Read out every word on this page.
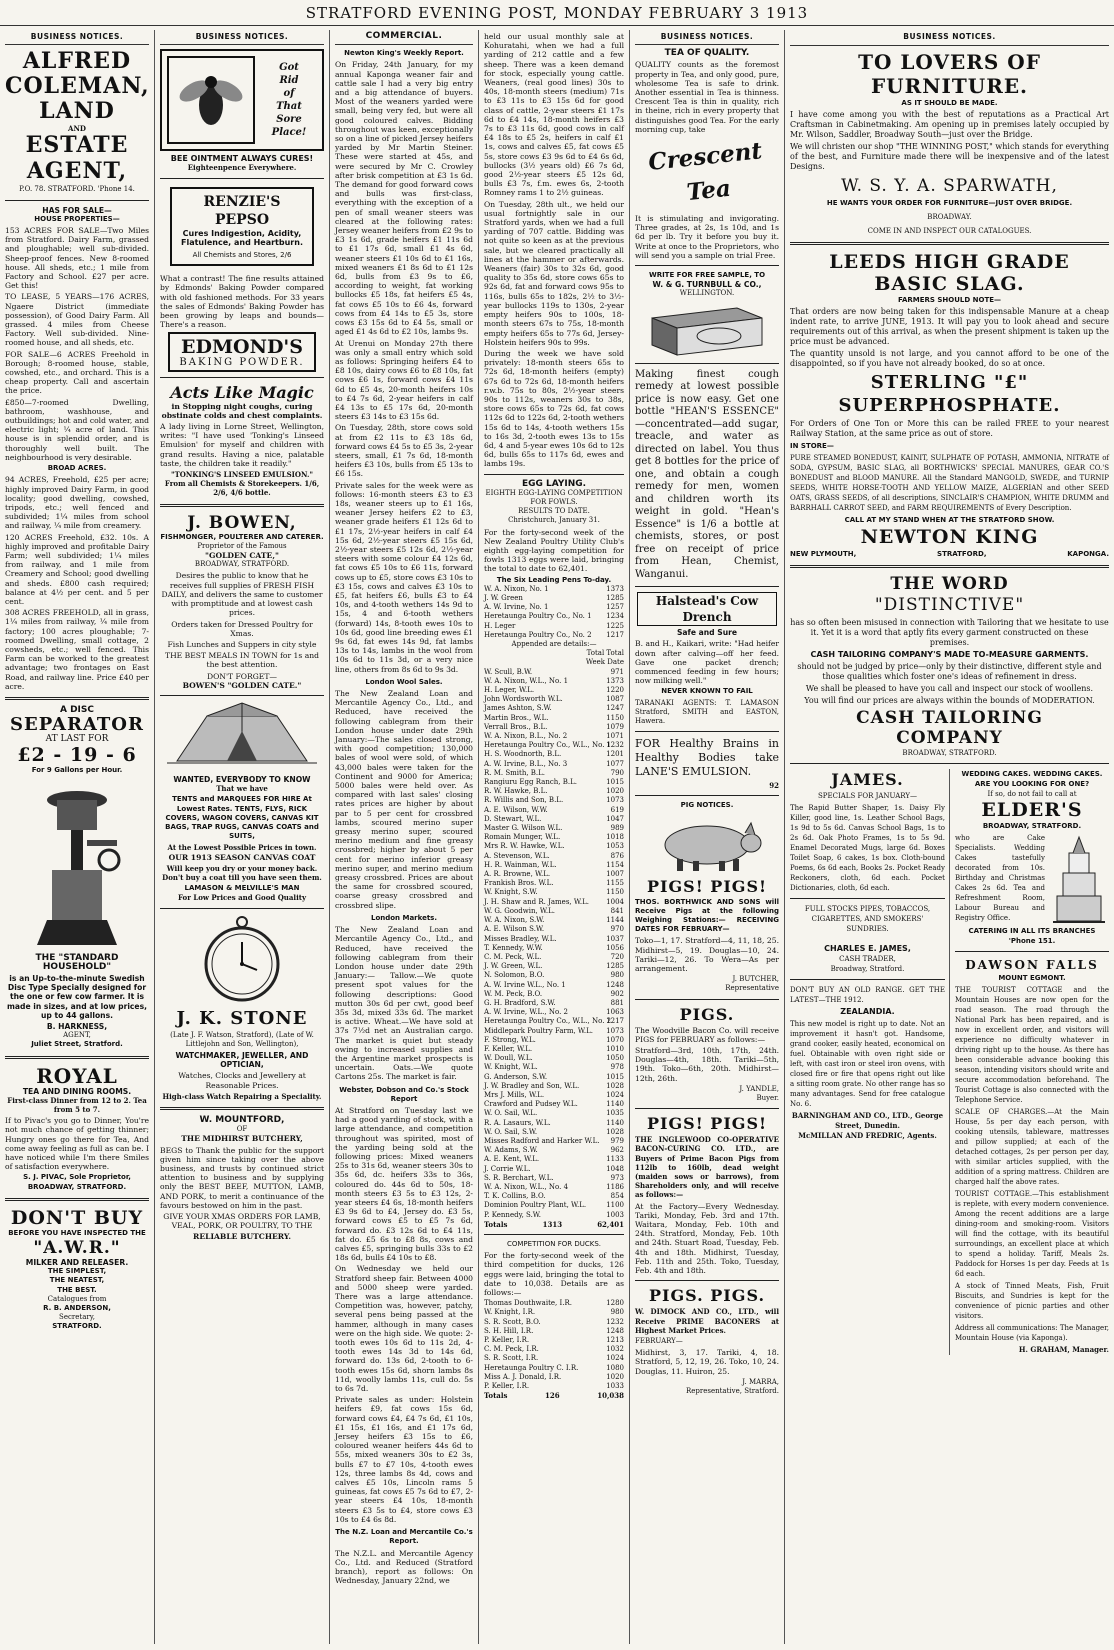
STRATFORD EVENING POST, MONDAY FEBRUARY 3 1913
BUSINESS NOTICES.
ALFRED
COLEMAN,
LAND
AND
ESTATE
AGENT,
P.O. 78. STRATFORD. 'Phone 14.
HAS FOR SALE—
HOUSE PROPERTIES—

153 ACRES FOR SALE—Two Miles from Stratford. Dairy Farm, grassed and ploughable; well sub-divided. Sheep-proof fences. New 8-roomed house. All sheds, etc.; 1 mile from Factory and School. £27 per acre. Get this!

TO LEASE, 5 YEARS—176 ACRES, Ngaere District (immediate possession), of Good Dairy Farm. All grassed. 4 miles from Cheese Factory. Well sub-divided. Nine-roomed house, and all sheds, etc.

FOR SALE—6 ACRES Freehold in Borough; 8-roomed house, stable, cowshed, etc., and orchard. This is a cheap property. Call and ascertain the price.

£850—7-roomed Dwelling, bathroom, washhouse, and outbuildings; hot and cold water, and electric light; ¼ acre of land. This house is in splendid order, and is thoroughly well built. The neighbourhood is very desirable.

BROAD ACRES.

94 ACRES, Freehold, £25 per acre; highly improved Dairy Farm, in good locality; good dwelling, cowshed, tripods, etc.; well fenced and subdivided; 1¼ miles from school and railway, ¼ mile from creamery.

120 ACRES Freehold, £32. 10s. A highly improved and profitable Dairy Farm; well subdivided; 1¼ miles from railway, and 1 mile from Creamery and School; good dwelling and sheds. £800 cash required; balance at 4½ per cent. and 5 per cent.

308 ACRES FREEHOLD, all in grass, 1¼ miles from railway, ¼ mile from factory; 100 acres ploughable; 7-roomed Dwelling, small cottage, 2 cowsheds, etc.; well fenced. This Farm can be worked to the greatest advantage; two frontages on East Road, and railway line. Price £40 per acre.

A DISC
SEPARATOR
AT LAST FOR
£2 - 19 - 6
For 9 Gallons per Hour.
THE "STANDARD HOUSEHOLD"

is an Up-to-the-minute Swedish Disc Type Specially designed for the one or few cow farmer. It is made in sizes, and at low prices, up to 44 gallons.

B. HARKNESS,
AGENT,
Juliet Street, Stratford.
ROYAL
TEA AND DINING ROOMS.
First-class Dinner from 12 to 2. Tea from 5 to 7.

If to Pivac's you go to Dinner, You're not much chance of getting thinner; Hungry ones go there for Tea, And come away feeling as full as can be. I have noticed while I'm there Smiles of satisfaction everywhere.

S. J. PIVAC, Sole Proprietor,
BROADWAY, STRATFORD.
DON'T BUY
BEFORE YOU HAVE INSPECTED THE
"A.W.R."
MILKER AND RELEASER.
THE SIMPLEST,
THE NEATEST,
THE BEST.
Catalogues from
R. B. ANDERSON,
Secretary,
STRATFORD.
BUSINESS NOTICES.
Got
Rid
of
That
Sore
Place!
BEE OINTMENT ALWAYS CURES!
Eighteenpence Everywhere.
RENZIE'S PEPSO
Cures Indigestion, Acidity, Flatulence, and Heartburn.
All Chemists and Stores, 2/6

What a contrast! The fine results attained by Edmonds' Baking Powder compared with old fashioned methods. For 33 years the sales of Edmonds' Baking Powder has been growing by leaps and bounds—There's a reason.

EDMOND'S
BAKING POWDER.
Acts Like Magic
in Stopping night coughs, curing obstinate colds and chest complaints.

A lady living in Lorne Street, Wellington, writes: "I have used 'Tonking's Linseed Emulsion' for myself and children with grand results. Having a nice, palatable taste, the children take it readily."

"TONKING'S LINSEED EMULSION."
From all Chemists & Storekeepers. 1/6, 2/6, 4/6 bottle.
J. BOWEN,
FISHMONGER, POULTERER AND CATERER.
Proprietor of the Famous
"GOLDEN CATE,"
BROADWAY, STRATFORD.

Desires the public to know that he receives full supplies of FRESH FISH DAILY, and delivers the same to customer with promptitude and at lowest cash prices.

Orders taken for Dressed Poultry for Xmas.

Fish Lunches and Suppers in city style

THE BEST MEALS IN TOWN for 1s and the best attention.

DON'T FORGET—
BOWEN'S "GOLDEN CATE."
WANTED, EVERYBODY TO KNOW
That we have

TENTS and MARQUEES FOR HIRE At Lowest Rates. TENTS, FLYS, RICK COVERS, WAGON COVERS, CANVAS KIT BAGS, TRAP RUGS, CANVAS COATS and SUITS,

At the Lowest Possible Prices in town.
OUR 1913 SEASON CANVAS COAT

Will keep you dry or your money back. Don't buy a coat till you have seen them.

LAMASON & MELVILLE'S MAN
For Low Prices and Good Quality
J. K. STONE

(Late J. F. Watson, Stratford), (Late of W. Littlejohn and Son, Wellington),

WATCHMAKER, JEWELLER, AND OPTICIAN,

Watches, Clocks and Jewellery at Reasonable Prices.

High-class Watch Repairing a Speciality.
W. MOUNTFORD,
OF
THE MIDHIRST BUTCHERY,

BEGS to Thank the public for the support given him since taking over the above business, and trusts by continued strict attention to business and by supplying only the BEST BEEF, MUTTON, LAMB, AND PORK, to merit a continuance of the favours bestowed on him in the past.

GIVE YOUR XMAS ORDERS FOR LAMB, VEAL, PORK, OR POULTRY, TO THE

RELIABLE BUTCHERY.
COMMERCIAL.
Newton King's Weekly Report.

On Friday, 24th January, for my annual Kaponga weaner fair and cattle sale I had a very big entry and a big attendance of buyers. Most of the weaners yarded were small, being very fed, but were all good coloured calves. Bidding throughout was keen, exceptionally so on a line of picked Jersey heifers yarded by Mr Martin Steiner. These were started at 45s, and were secured by Mr C. Crowley after brisk competition at £3 1s 6d. The demand for good forward cows and bulls was first-class, everything with the exception of a pen of small weaner steers was cleared at the following rates: Jersey weaner heifers from £2 9s to £3 1s 6d, grade heifers £1 11s 6d to £1 17s 6d, small £1 4s 6d, weaner steers £1 10s 6d to £1 16s, mixed weaners £1 8s 6d to £1 12s 6d, bulls from £3 9s to £6, according to weight, fat working bullocks £5 18s, fat heifers £5 4s, fat cows £5 10s to £6 4s, forward cows from £4 14s to £5 3s, store cows £3 15s 6d to £4 5s, small or aged £1 4s 6d to £2 10s, lambs 9s.

At Urenui on Monday 27th there was only a small entry which sold as follows: Springing heifers £4 to £8 10s, dairy cows £6 to £8 10s, fat cows £6 1s, forward cows £4 11s 6d to £5 4s, 20-month heifers 10s to £4 7s 6d, 2-year heifers in calf £4 13s to £5 17s 6d, 20-month steers £3 14s to £3 15s 6d.

On Tuesday, 28th, store cows sold at from £2 11s to £3 18s 6d, forward cows £4 5s to £5 3s, 2-year steers, small, £1 7s 6d, 18-month heifers £3 10s, bulls from £5 13s to £6 15s.

Private sales for the week were as follows: 16-month steers £3 to £3 18s, weaner steers up to £1 16s, weaner Jersey heifers £2 to £3, weaner grade heifers £1 12s 6d to £1 17s, 2½-year heifers in calf £4 15s 6d, 2½-year steers £5 15s 6d, 2½-year steers £5 12s 6d, 2½-year steers with some colour £4 12s 6d, fat cows £5 10s to £6 11s, forward cows up to £5, store cows £3 10s to £3 15s, cows and calves £3 10s to £5, fat heifers £6, bulls £3 to £4 10s, and 4-tooth wethers 14s 9d to 15s, 4 and 6-tooth wethers (forward) 14s, 8-tooth ewes 10s to 10s 6d, good line breeding ewes £1 9s 6d, fat ewes 14s 9d, fat lambs 13s to 14s, lambs in the wool from 10s 6d to 11s 3d, or a very nice line, others from 8s 6d to 9s 3d.

London Wool Sales.

The New Zealand Loan and Mercantile Agency Co., Ltd., and Reduced, have received the following cablegram from their London house under date 29th January:—The sales closed strong, with good competition; 130,000 bales of wool were sold, of which 43,000 bales were taken for the Continent and 9000 for America; 5000 bales were held over. As compared with last sales' closing rates prices are higher by about par to 5 per cent for crossbred lambs, scoured merino super greasy merino super, scoured merino medium and fine greasy crossbred; higher by about 5 per cent for merino inferior greasy merino super, and merino medium greasy crossbred. Prices are about the same for crossbred scoured, coarse greasy crossbred and crossbred slipe.

London Markets.

The New Zealand Loan and Mercantile Agency Co., Ltd., and Reduced, have received the following cablegram from their London house under date 29th January:— Tallow.—We quote present spot values for the following descriptions: Good mutton 30s 6d per cwt, good beef 35s 3d, mixed 33s 6d. The market is active. Wheat.—We have sold at 37s 7½d net an Australian cargo. The market is quiet but steady owing to increased supplies and the Argentine market prospects is uncertain. Oats.—We quote Cartons 25s. The market is fair.

Webster, Dobson and Co.'s Stock Report

At Stratford on Tuesday last we had a good yarding of stock, with a large attendance, and competition throughout was spirited, most of the yarding being sold at the following prices: Mixed weaners 25s to 31s 6d, weaner steers 30s to 35s 6d, dc. heifers 33s to 36s, coloured do. 44s 6d to 50s, 18-month steers £3 5s to £3 12s, 2-year steers £4 6s, 18-month heifers £3 9s 6d to £4, Jersey do. £3 5s, forward cows £5 to £5 7s 6d, forward do. £3 12s 6d to £4 11s, fat do. £5 6s to £8 8s, cows and calves £5, springing bulls 33s to £2 18s 6d, bulls £4 10s to £8.

On Wednesday we held our Stratford sheep fair. Between 4000 and 5000 sheep were yarded. There was a large attendance. Competition was, however, patchy, several pens being passed at the hammer, although in many cases were on the high side. We quote: 2-tooth ewes 10s 6d to 11s 2d, 4-tooth ewes 14s 3d to 14s 6d, forward do. 13s 6d, 2-tooth to 6-tooth ewes 15s 6d, shorn lambs 8s 11d, woolly lambs 11s, cull do. 5s to 6s 7d.

Private sales as under: Holstein heifers £9, fat cows 15s 6d, forward cows £4, £4 7s 6d, £1 10s, £1 15s, £1 16s, and £1 17s 6d, Jersey heifers £3 15s to £6, coloured weaner heifers 44s 6d to 55s, mixed weaners 30s to £2 3s, bulls £7 to £7 10s, 4-tooth ewes 12s, three lambs 8s 4d, cows and calves £5 10s, Lincoln rams 5 guineas, fat cows £5 7s 6d to £7, 2-year steers £4 10s, 18-month steers £3 5s to £4, store cows £3 10s to £4 6s 8d.

The N.Z. Loan and Mercantile Co.'s Report.

The N.Z.L. and Mercantile Agency Co., Ltd. and Reduced (Stratford branch), report as follows: On Wednesday, January 22nd, we

held our usual monthly sale at Kohuratahi, when we had a full yarding of 212 cattle and a few sheep. There was a keen demand for stock, especially young cattle. Weaners, (real good lines) 30s to 40s, 18-month steers (medium) 71s to £3 11s to £3 15s 6d for good class of cattle, 2-year steers £1 17s 6d to £4 14s, 18-month heifers £3 7s to £3 11s 6d, good cows in calf £4 18s to £5 2s, heifers in calf £1 1s, cows and calves £5, fat cows £5 5s, store cows £3 9s 6d to £4 6s 6d, bullocks (3½ years old) £6 7s 6d, good 2½-year steers £5 12s 6d, bulls £3 7s, f.m. ewes 6s, 2-tooth Romney rams 1 to 2½ guineas.

On Tuesday, 28th ult., we held our usual fortnightly sale in our Stratford yards, when we had a full yarding of 707 cattle. Bidding was not quite so keen as at the previous sale, but we cleared practically all lines at the hammer or afterwards. Weaners (fair) 30s to 32s 6d, good quality to 35s 6d, store cows 65s to 92s 6d, fat and forward cows 95s to 116s, bulls 65s to 182s, 2½ to 3½-year bullocks 119s to 130s, 2-year empty heifers 90s to 100s, 18-month steers 67s to 75s, 18-month empty heifers 65s to 77s 6d, Jersey-Holstein heifers 90s to 99s.

During the week we have sold privately: 18-month steers 65s to 72s 6d, 18-month heifers (empty) 67s 6d to 72s 6d, 18-month heifers r.w.b. 75s to 80s, 2½-year steers 90s to 112s, weaners 30s to 38s, store cows 65s to 72s 6d, fat cows 112s 6d to 122s 6d, 2-tooth wethers 15s 6d to 14s, 4-tooth wethers 15s to 16s 3d, 2-tooth ewes 13s to 15s 6d, 4 and 5-year ewes 10s 6d to 12s 6d, bulls 65s to 117s 6d, ewes and lambs 19s.

EGG LAYING.
EIGHTH EGG-LAYING COMPETITION FOR FOWLS.
RESULTS TO DATE.
Christchurch, January 31.

For the forty-second week of the New Zealand Poultry Utility Club's eighth egg-laying competition for fowls 1313 eggs were laid, bringing the total to date to 62,401.

The Six Leading Pens To-day.
W. A. Nixon, No. 1	1373
J. W. Green	1285
A. W. Irvine, No. 1	1257
Heretaunga Poultry Co., No. 1 1234
H. Leger	1225
Heretaunga Poultry Co., No. 2 1217
Appended are details:—
Total Total
Week Date
W. Scull, B.W.	971
W. A. Nixon, W.L., No. 1	1373
H. Leger, W.L.	1220
John Wordsworth W.L.	1087
James Ashton, S.W.	1247
Martin Bros., W.L.	1150
Verrall Bros., B.L.	1079
W. A. Nixon, B.L., No. 2	1071
Heretaunga Poultry Co., W.L., No. 1
1232
H. S. Woodnorth, B.L.	1201
A. W. Irvine, B.L., No. 3	1077
R. M. Smith, B.L.	790
Rangiuru Egg Ranch, B.L.	1015
R. W. Hawke, B.L.	1020
R. Willis and Son, B.L.	1073
A. E. Wilson, W.W.	619
D. Stewart, W.L.	1047
Master G. Wilson W.L.	989
Romain Munger, W.L.	1018
Mrs R. W. Hawke, W.L.	1053
A. Stevenson, W.L.	876
H. R. Wainman, W.L.	1154
A. R. Browne, W.L.	1007
Frankish Bros. W.L.	1155
W. Knight, S.W.	1150
J. H. Shaw and R. James, W.L. 1004
W. G. Goodwin, W.L.	841
W. A. Nixon, S.W.	1144
A. E. Wilson S.W.	970
Misses Bradley, W.L.	1037
T. Kennedy, W.W.	1056
C. M. Peck, W.L.	720
J. W. Green, W.L.	1285
N. Solomon, B.O.	980
A. W. Irvine W.L., No. 1	1248
W. M. Peck, B.O.	902
G. H. Bradford, S.W.	881
A. W. Irvine, W.L., No. 2	1063
Heretaunga Poultry Co., W.L., No. 2
1217
Middlepark Poultry Farm, W.L. 1073
F. Strong, W.L.	1070
F. Keller, W.L.	1010
W. Doull, W.L.	1050
W. Knight, W.L.	978
G. Anderson, S.W.	1015
J. W. Bradley and Son, W.L.	1028
Mrs J. Mills, W.L.	1024
Crawford and Pudsey W.L.	1140
W. O. Sail, W.L.	1035
R. A. Lasaurs, W.L.	1140
W. O. Sail, S.W.	1028
Misses Radford and Harker W.L. 979
W. Adams, S.W.	962
A. E. Kent, W.L.	1133
J. Corrie W.L.	1048
S. R. Berchart, W.L.	973
W. A. Nixon, W.L., No. 4	1186
T. K. Collins, B.O.	854
Dominion Poultry Plant, W.L.	1100
P. Kennedy, S.W.	1003
Totals	1313	62,401
COMPETITION FOR DUCKS.

For the forty-second week of the third competition for ducks, 126 eggs were laid, bringing the total to date to 10,038. Details are as follows:—

Thomas Douthwaite, I.R.	1280
W. Knight, I.R.	980
S. R. Scott, B.O.	1232
S. H. Hill, I.R.	1248
P. Keller, I.R.	1213
C. M. Peck, I.R.	1032
S. R. Scott, I.R.	1024
Heretaunga Poultry C. I.R.	1080
Miss A. J. Donald, I.R.	1020
P. Keller, I.R.	1033
Totals	126	10,038
BUSINESS NOTICES.
TEA OF QUALITY.

QUALITY counts as the foremost property in Tea, and only good, pure, wholesome Tea is safe to drink. Another essential in Tea is thinness. Crescent Tea is thin in quality, rich in theine, rich in every property that distinguishes good Tea. For the early morning cup, take

Crescent Tea

It is stimulating and invigorating. Three grades, at 2s, 1s 10d, and 1s 6d per lb. Try it before you buy it. Write at once to the Proprietors, who will send you a sample on trial Free.

WRITE FOR FREE SAMPLE, TO
W. & G. TURNBULL & CO.,
WELLINGTON.

Making finest cough remedy at lowest possible price is now easy. Get one bottle "HEAN'S ESSENCE" —concentrated—add sugar, treacle, and water as directed on label. You thus get 8 bottles for the price of one, and obtain a cough remedy for men, women and children worth its weight in gold. "Hean's Essence" is 1/6 a bottle at chemists, stores, or post free on receipt of price from Hean, Chemist, Wanganui.

Halstead's Cow Drench
Safe and Sure

B. and H., Kaikari, write: "Had heifer down after calving—off her feed. Gave one packet drench; commenced feeding in few hours; now milking well."

NEVER KNOWN TO FAIL

TARANAKI AGENTS: T. LAMASON Stratford, SMITH and EASTON, Hawera.

FOR Healthy Brains in Healthy Bodies take LANE'S EMULSION.

92
PIG NOTICES.
PIGS! PIGS!

THOS. BORTHWICK AND SONS will Receive Pigs at the following Weighing Stations:— RECEIVING DATES FOR FEBRUARY—

Toko—1, 17. Stratford—4, 11, 18, 25. Midhirst—5, 19. Douglas—10, 24. Tariki—12, 26. To Wera—As per arrangement.

J. BUTCHER,
Representative
PIGS.

The Woodville Bacon Co. will receive PIGS for FEBRUARY as follows:—

Stratford—3rd, 10th, 17th, 24th. Douglas—4th, 18th. Tariki—5th, 19th. Toko—6th, 20th. Midhirst—12th, 26th.

J. YANDLE,
Buyer.
PIGS! PIGS!

THE INGLEWOOD CO-OPERATIVE BACON-CURING CO. LTD., are Buyers of Prime Bacon Pigs from 112lb to 160lb, dead weight (maiden sows or barrows), from Shareholders only, and will receive as follows:—

At the Factory—Every Wednesday. Tariki, Monday, Feb. 3rd and 17th. Waitara, Monday, Feb. 10th and 24th. Stratford, Monday, Feb. 10th and 24th. Stuart Road, Tuesday, Feb. 4th and 18th. Midhirst, Tuesday, Feb. 11th and 25th. Toko, Tuesday, Feb. 4th and 18th.

PIGS. PIGS.

W. DIMOCK AND CO., LTD., will Receive PRIME BACONERS at Highest Market Prices.

FEBRUARY—

Midhirst, 3, 17. Tariki, 4, 18. Stratford, 5, 12, 19, 26. Toko, 10, 24. Douglas, 11. Huiron, 25.

J. MARRA,
Representative, Stratford.
BUSINESS NOTICES.
TO LOVERS OF FURNITURE.
AS IT SHOULD BE MADE.

I have come among you with the best of reputations as a Practical Art Craftsman in Cabinetmaking. Am opening up in premises lately occupied by Mr. Wilson, Saddler, Broadway South—just over the Bridge.

We will christen our shop "THE WINNING POST," which stands for everything of the best, and Furniture made there will be inexpensive and of the latest Designs.

W. S. Y. A. SPARWATH,
HE WANTS YOUR ORDER FOR FURNITURE—JUST OVER BRIDGE.
BROADWAY.
COME IN AND INSPECT OUR CATALOGUES.
LEEDS HIGH GRADE BASIC SLAG.
FARMERS SHOULD NOTE—

That orders are now being taken for this indispensable Manure at a cheap indent rate, to arrive JUNE, 1913. It will pay you to look ahead and secure requirements out of this arrival, as when the present shipment is taken up the price must be advanced.

The quantity unsold is not large, and you cannot afford to be one of the disappointed, so if you have not already booked, do so at once.

STERLING "£" SUPERPHOSPHATE.

For Orders of One Ton or More this can be railed FREE to your nearest Railway Station, at the same price as out of store.

IN STORE—

PURE STEAMED BONEDUST, KAINIT, SULPHATE OF POTASH, AMMONIA, NITRATE of SODA, GYPSUM, BASIC SLAG, all BORTHWICKS' SPECIAL MANURES, GEAR CO.'S BONEDUST and BLOOD MANURE. All the Standard MANGOLD, SWEDE, and TURNIP SEEDS, WHITE HORSE-TOOTH AND YELLOW MAIZE, ALGERIAN and other SEED OATS, GRASS SEEDS, of all descriptions, SINCLAIR'S CHAMPION, WHITE DRUMM and BARRHALL CARROT SEED, and FARM REQUIREMENTS of Every Description.

CALL AT MY STAND WHEN AT THE STRATFORD SHOW.
NEWTON KING
NEW PLYMOUTH,	STRATFORD,	KAPONGA.
THE WORD
"DISTINCTIVE"

has so often been misused in connection with Tailoring that we hesitate to use it. Yet it is a word that aptly fits every garment constructed on these premises.

CASH TAILORING COMPANY'S MADE TO-MEASURE GARMENTS.

should not be judged by price—only by their distinctive, different style and those qualities which foster one's ideas of refinement in dress.

We shall be pleased to have you call and inspect our stock of woollens.

You will find our prices are always within the bounds of MODERATION.

CASH TAILORING
COMPANY
BROADWAY, STRATFORD.
JAMES.
SPECIALS FOR JANUARY—

The Rapid Butter Shaper, 1s. Daisy Fly Killer, good line, 1s. Leather School Bags, 1s 9d to 5s 6d. Canvas School Bags, 1s to 2s 6d. Oak Photo Frames, 1s to 5s 9d. Enamel Decorated Mugs, large 6d. Boxes Toilet Soap, 6 cakes, 1s box. Cloth-bound Poems, 6s 6d each, Books 2s. Pocket Ready Reckoners, cloth, 6d each. Pocket Dictionaries, cloth, 6d each.

FULL STOCKS PIPES, TOBACCOS, CIGARETTES, AND SMOKERS' SUNDRIES.

CHARLES E. JAMES,
CASH TRADER,
Broadway, Stratford.

DON'T BUY AN OLD RANGE. GET THE LATEST—THE 1912.

ZEALANDIA.

This new model is right up to date. Not an improvement it hasn't got. Handsome, grand cooker, easily heated, economical on fuel. Obtainable with oven right side or left, with cast iron or steel iron ovens, with closed fire or fire that opens right out like a sitting room grate. No other range has so many advantages. Send for free catalogue No. 6.

BARNINGHAM AND CO., LTD., George Street, Dunedin.
McMILLAN AND FREDRIC, Agents.
WEDDING CAKES. WEDDING CAKES.
ARE YOU LOOKING FOR ONE?
If so, do not fail to call at
ELDER'S
BROADWAY, STRATFORD.

who are Cake Specialists. Wedding Cakes tastefully decorated from 10s. Birthday and Christmas Cakes 2s 6d. Tea and Refreshment Room, Labour Bureau and Registry Office.

CATERING IN ALL ITS BRANCHES 'Phone 151.
DAWSON FALLS
MOUNT EGMONT.

THE TOURIST COTTAGE and the Mountain Houses are now open for the road season. The road through the National Park has been repaired, and is now in excellent order, and visitors will experience no difficulty whatever in driving right up to the house. As there has been considerable advance booking this season, intending visitors should write and secure accommodation beforehand. The Tourist Cottage is also connected with the Telephone Service.

SCALE OF CHARGES.—At the Main House, 5s per day each person, with cooking utensils, tableware, mattresses and pillow supplied; at each of the detached cottages, 2s per person per day, with similar articles supplied, with the addition of a spring mattress. Children are charged half the above rates.

TOURIST COTTAGE.—This establishment is replete, with every modern convenience. Among the recent additions are a large dining-room and smoking-room. Visitors will find the cottage, with its beautiful surroundings, an excellent place at which to spend a holiday. Tariff, Meals 2s. Paddock for Horses 1s per day. Feeds at 1s 6d each.

A stock of Tinned Meats, Fish, Fruit Biscuits, and Sundries is kept for the convenience of picnic parties and other visitors.

Address all communications: The Manager, Mountain House (via Kaponga).

H. GRAHAM, Manager.
